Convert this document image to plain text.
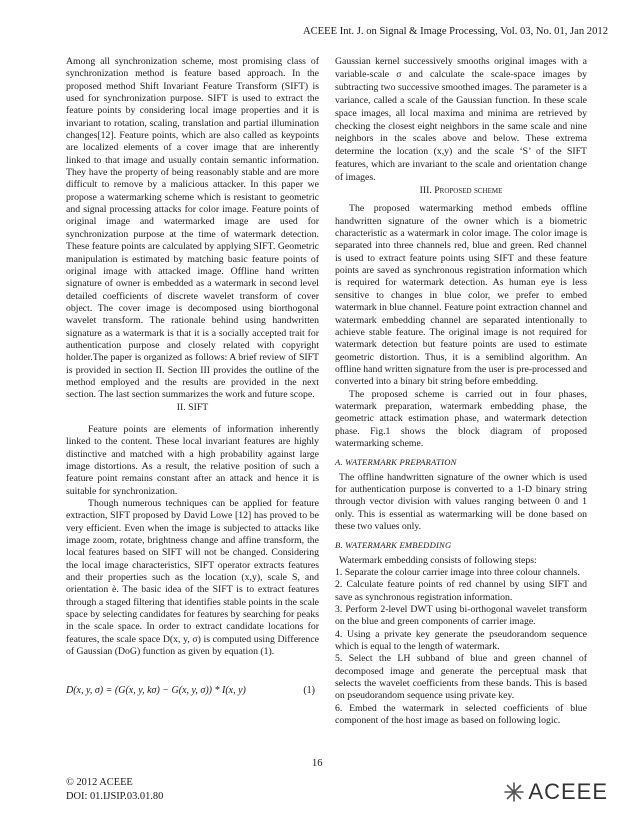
ACEEE Int. J. on Signal & Image Processing, Vol. 03, No. 01, Jan 2012

Among all synchronization scheme, most promising class of synchronization method is feature based approach. In the proposed method Shift Invariant Feature Transform (SIFT) is used for synchronization purpose. SIFT is used to extract the feature points by considering local image properties and it is invariant to rotation, scaling, translation and partial illumination changes[12]. Feature points, which are also called as keypoints are localized elements of a cover image that are inherently linked to that image and usually contain semantic information. They have the property of being reasonably stable and are more difficult to remove by a malicious attacker. In this paper we propose a watermarking scheme which is resistant to geometric and signal processing attacks for color image. Feature points of original image and watermarked image are used for synchronization purpose at the time of watermark detection. These feature points are calculated by applying SIFT. Geometric manipulation is estimated by matching basic feature points of original image with attacked image. Offline hand written signature of owner is embedded as a watermark in second level detailed coefficients of discrete wavelet transform of cover object. The cover image is decomposed using biorthogonal wavelet transform. The rationale behind using handwritten signature as a watermark is that it is a socially accepted trait for authentication purpose and closely related with copyright holder.The paper is organized as follows: A brief review of SIFT is provided in section II. Section III provides the outline of the method employed and the results are provided in the next section. The last section summarizes the work and future scope.

II. SIFT

Feature points are elements of information inherently linked to the content. These local invariant features are highly distinctive and matched with a high probability against large image distortions. As a result, the relative position of such a feature point remains constant after an attack and hence it is suitable for synchronization.

Though numerous techniques can be applied for feature extraction, SIFT proposed by David Lowe [12] has proved to be very efficient. Even when the image is subjected to attacks like image zoom, rotate, brightness change and affine transform, the local features based on SIFT will not be changed. Considering the local image characteristics, SIFT operator extracts features and their properties such as the location (x,y), scale S, and orientation è. The basic idea of the SIFT is to extract features through a staged filtering that identifies stable points in the scale space by selecting candidates for features by searching for peaks in the scale space. In order to extract candidate locations for features, the scale space D(x, y, σ) is computed using Difference of Gaussian (DoG) function as given by equation (1).

D(x, y, σ) = (G(x, y, kσ) − G(x, y, σ)) * I(x, y)	(1)

Gaussian kernel successively smooths original images with a variable-scale σ and calculate the scale-space images by subtracting two successive smoothed images. The parameter is a variance, called a scale of the Gaussian function. In these scale space images, all local maxima and minima are retrieved by checking the closest eight neighbors in the same scale and nine neighbors in the scales above and below. These extrema determine the location (x,y) and the scale ‘S’ of the SIFT features, which are invariant to the scale and orientation change of images.

III. Proposed scheme

The proposed watermarking method embeds offline handwritten signature of the owner which is a biometric characteristic as a watermark in color image. The color image is separated into three channels red, blue and green. Red channel is used to extract feature points using SIFT and these feature points are saved as synchronous registration information which is required for watermark detection. As human eye is less sensitive to changes in blue color, we prefer to embed watermark in blue channel. Feature point extraction channel and watermark embedding channel are separated intentionally to achieve stable feature. The original image is not required for watermark detection but feature points are used to estimate geometric distortion. Thus, it is a semiblind algorithm. An offline hand written signature from the user is pre-processed and converted into a binary bit string before embedding.

The proposed scheme is carried out in four phases, watermark preparation, watermark embedding phase, the geometric attack estimation phase, and watermark detection phase. Fig.1 shows the block diagram of proposed watermarking scheme.

A. WATERMARK PREPARATION

The offline handwritten signature of the owner which is used for authentication purpose is converted to a 1-D binary string through vector division with values ranging between 0 and 1 only. This is essential as watermarking will be done based on these two values only.

B. WATERMARK EMBEDDING

Watermark embedding consists of following steps:

1. Separate the colour carrier image into three colour channels.

2. Calculate feature points of red channel by using SIFT and save as synchronous registration information.

3. Perform 2-level DWT using bi-orthogonal wavelet transform on the blue and green components of carrier image.

4. Using a private key generate the pseudorandom sequence which is equal to the length of watermark.

5. Select the LH subband of blue and green channel of decomposed image and generate the perceptual mask that selects the wavelet coefficients from these bands. This is based on pseudorandom sequence using private key.

6. Embed the watermark in selected coefficients of blue component of the host image as based on following logic.

16
© 2012 ACEEE
DOI: 01.IJSIP.03.01.80	ACEEE
